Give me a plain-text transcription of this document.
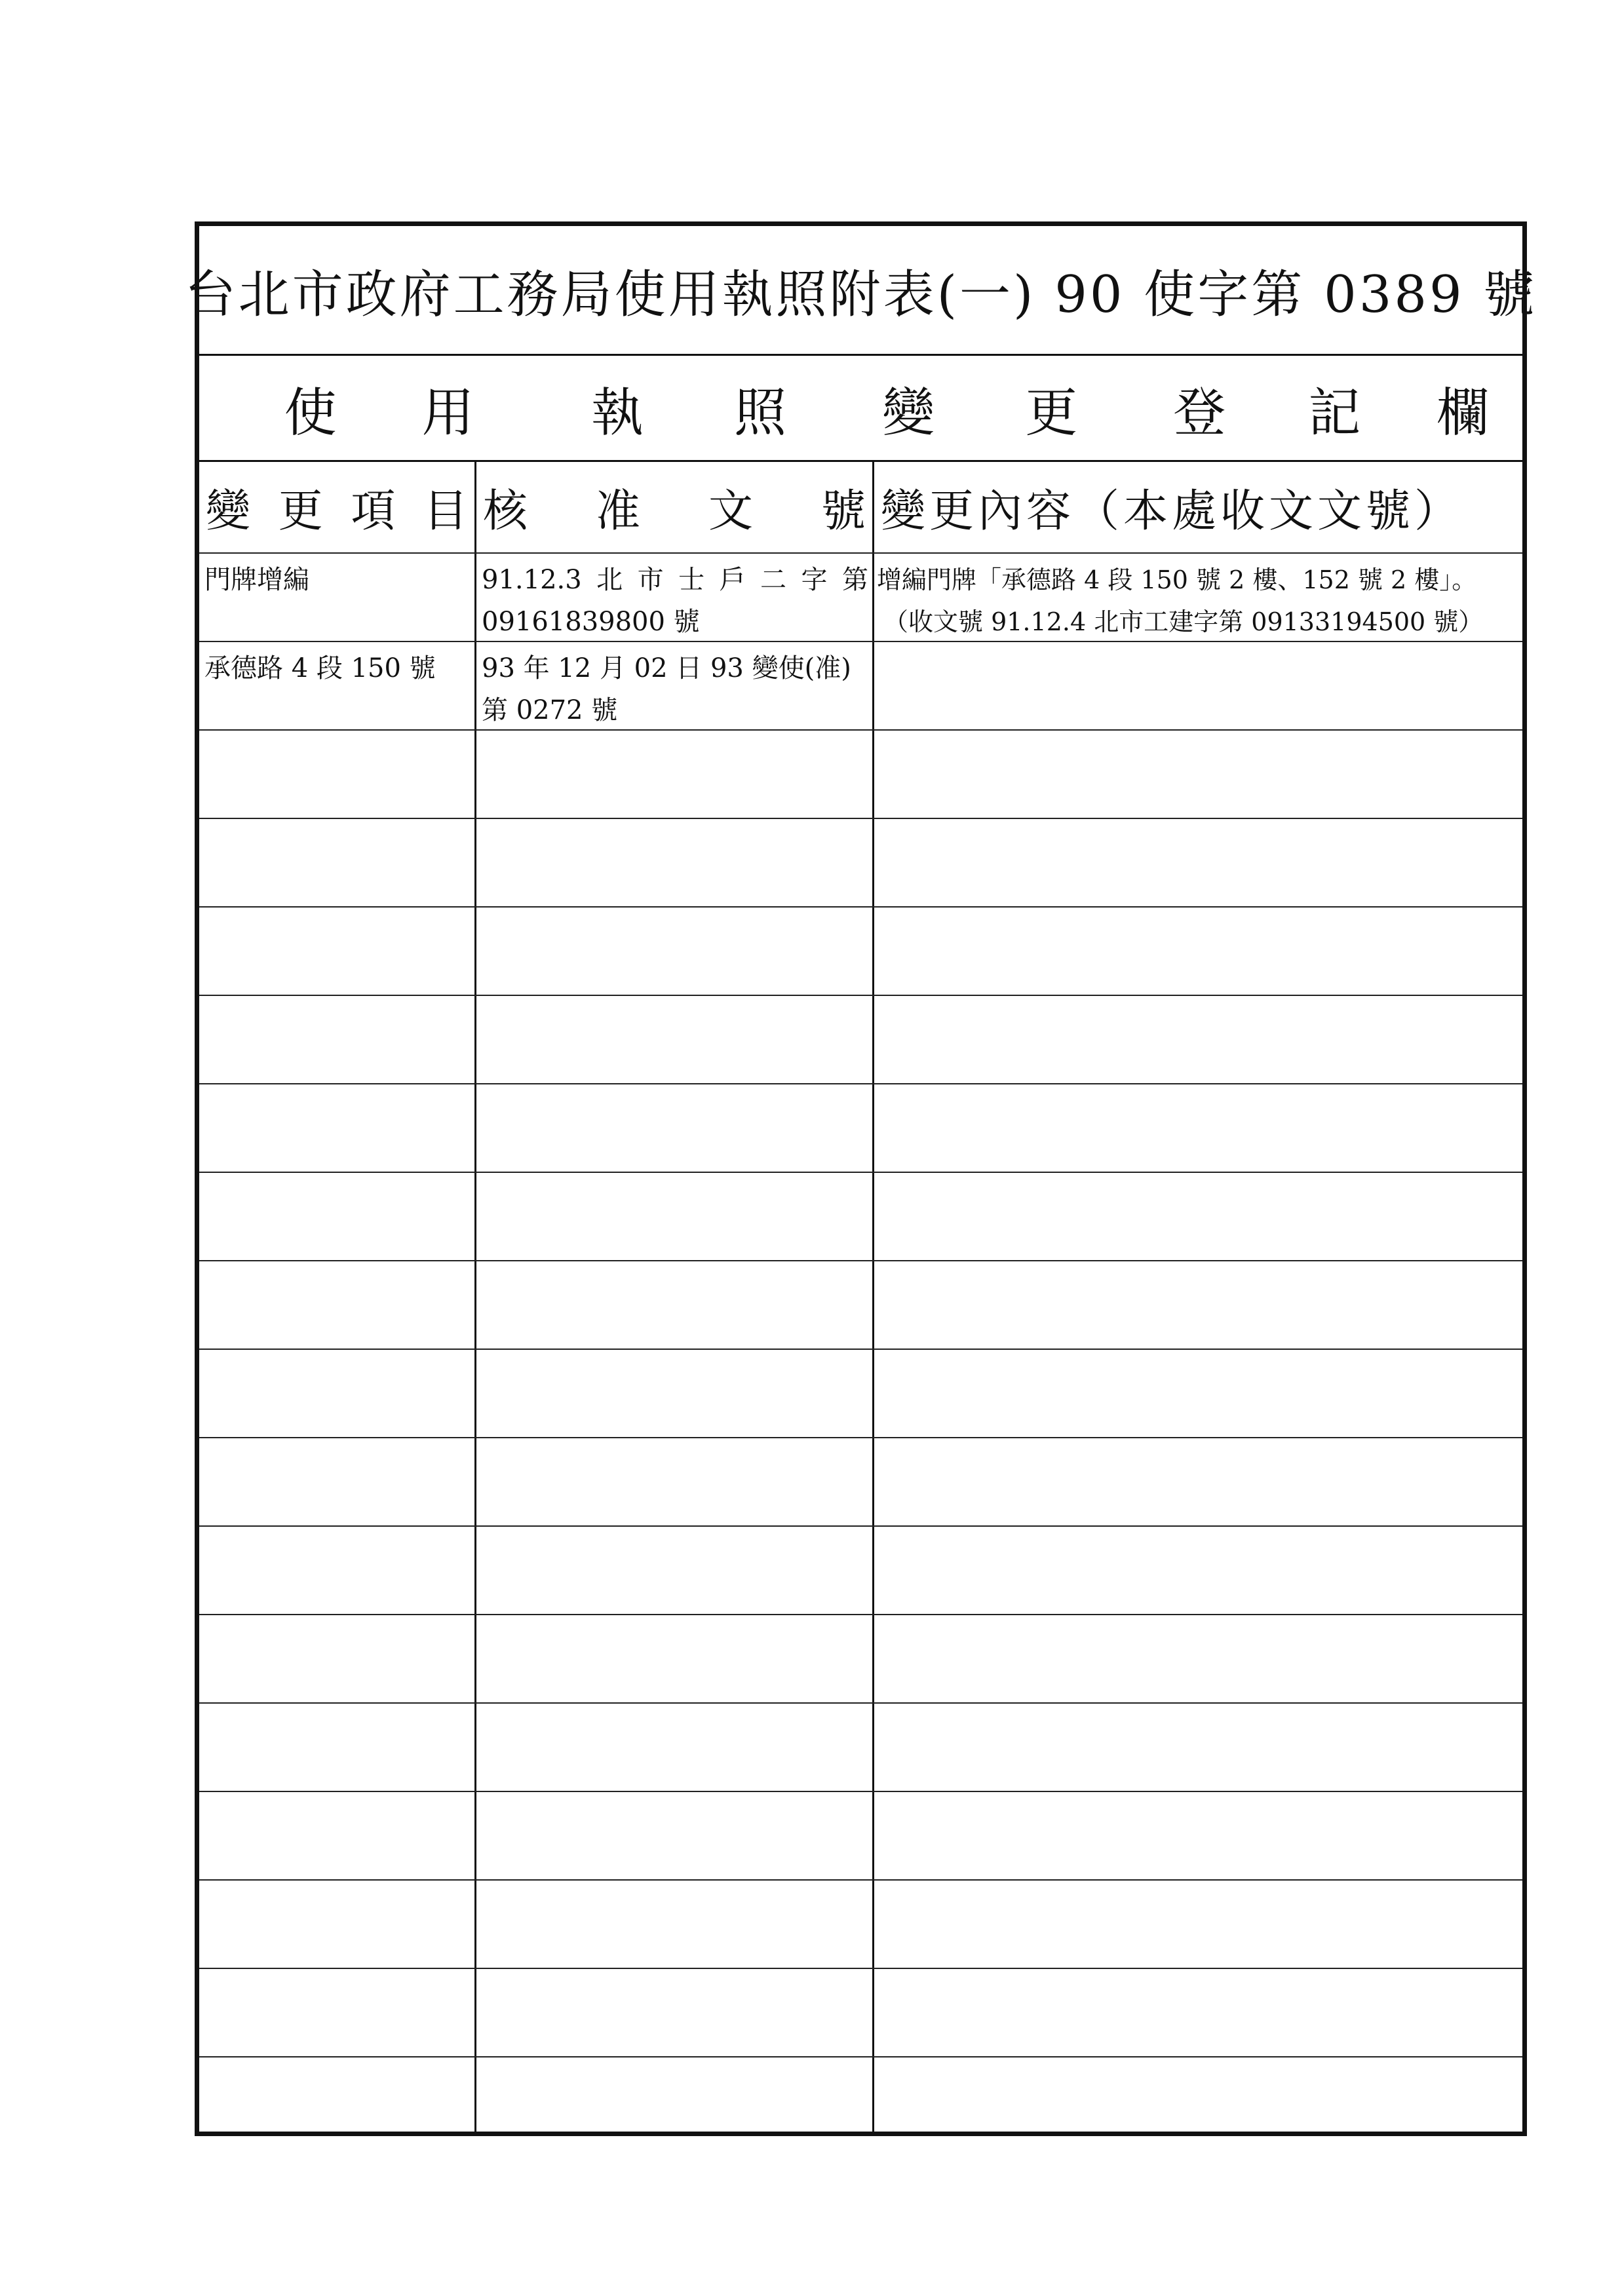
台北市政府工務局使用執照附表(一) 90 使字第 0389 號
使 用 執 照 變 更 登 記 欄
變 更 項 目 核 准 文 號 變更內容（本處收文文號）
門牌增編	91.12.3 北 市 士 戶 二 字 第
09161839800 號
增編門牌「承德路 4 段 150 號 2 樓、152 號 2 樓」。
（收文號 91.12.4 北市工建字第 09133194500 號）
承德路 4 段 150 號	93 年 12 月 02 日 93 變使(准)
第 0272 號
